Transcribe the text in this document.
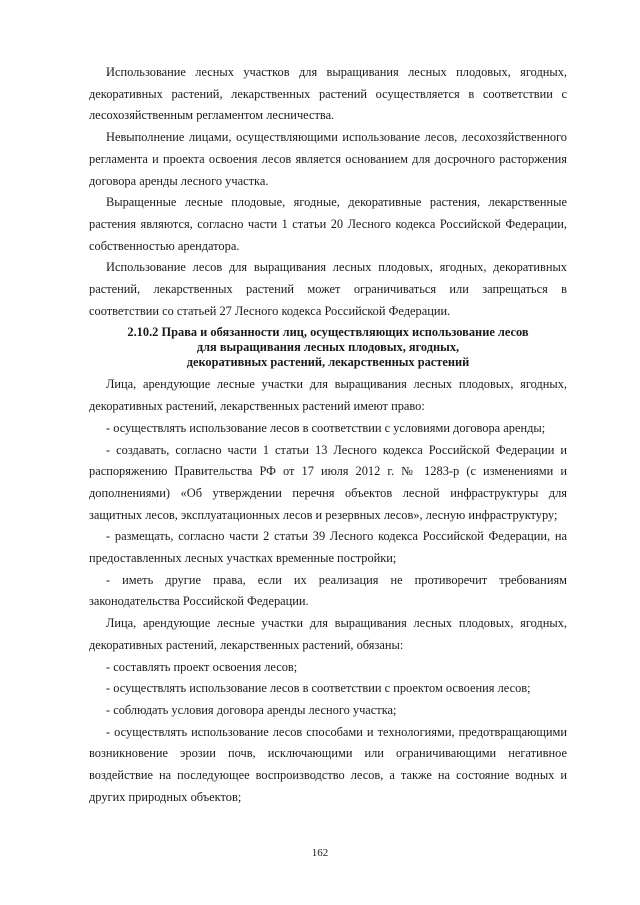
Использование лесных участков для выращивания лесных плодовых, ягодных, декоративных растений, лекарственных растений осуществляется в соответствии с лесохозяйственным регламентом лесничества.

Невыполнение лицами, осуществляющими использование лесов, лесохозяйственного регламента и проекта освоения лесов является основанием для досрочного расторжения договора аренды лесного участка.

Выращенные лесные плодовые, ягодные, декоративные растения, лекарственные растения являются, согласно части 1 статьи 20 Лесного кодекса Российской Федерации, собственностью арендатора.

Использование лесов для выращивания лесных плодовых, ягодных, декоративных растений, лекарственных растений может ограничиваться или запрещаться в соответствии со статьей 27 Лесного кодекса Российской Федерации.

2.10.2 Права и обязанности лиц, осуществляющих использование лесов
для выращивания лесных плодовых, ягодных,
декоративных растений, лекарственных растений

Лица, арендующие лесные участки для выращивания лесных плодовых, ягодных, декоративных растений, лекарственных растений имеют право:

- осуществлять использование лесов в соответствии с условиями договора аренды;

- создавать, согласно части 1 статьи 13 Лесного кодекса Российской Федерации и распоряжению Правительства РФ от 17 июля 2012 г. № 1283-р (с изменениями и дополнениями) «Об утверждении перечня объектов лесной инфраструктуры для защитных лесов, эксплуатационных лесов и резервных лесов», лесную инфраструктуру;

- размещать, согласно части 2 статьи 39 Лесного кодекса Российской Федерации, на предоставленных лесных участках временные постройки;

- иметь другие права, если их реализация не противоречит требованиям законодательства Российской Федерации.

Лица, арендующие лесные участки для выращивания лесных плодовых, ягодных, декоративных растений, лекарственных растений, обязаны:

- составлять проект освоения лесов;

- осуществлять использование лесов в соответствии с проектом освоения лесов;

- соблюдать условия договора аренды лесного участка;

- осуществлять использование лесов способами и технологиями, предотвращающими возникновение эрозии почв, исключающими или ограничивающими негативное воздействие на последующее воспроизводство лесов, а также на состояние водных и других природных объектов;

162
